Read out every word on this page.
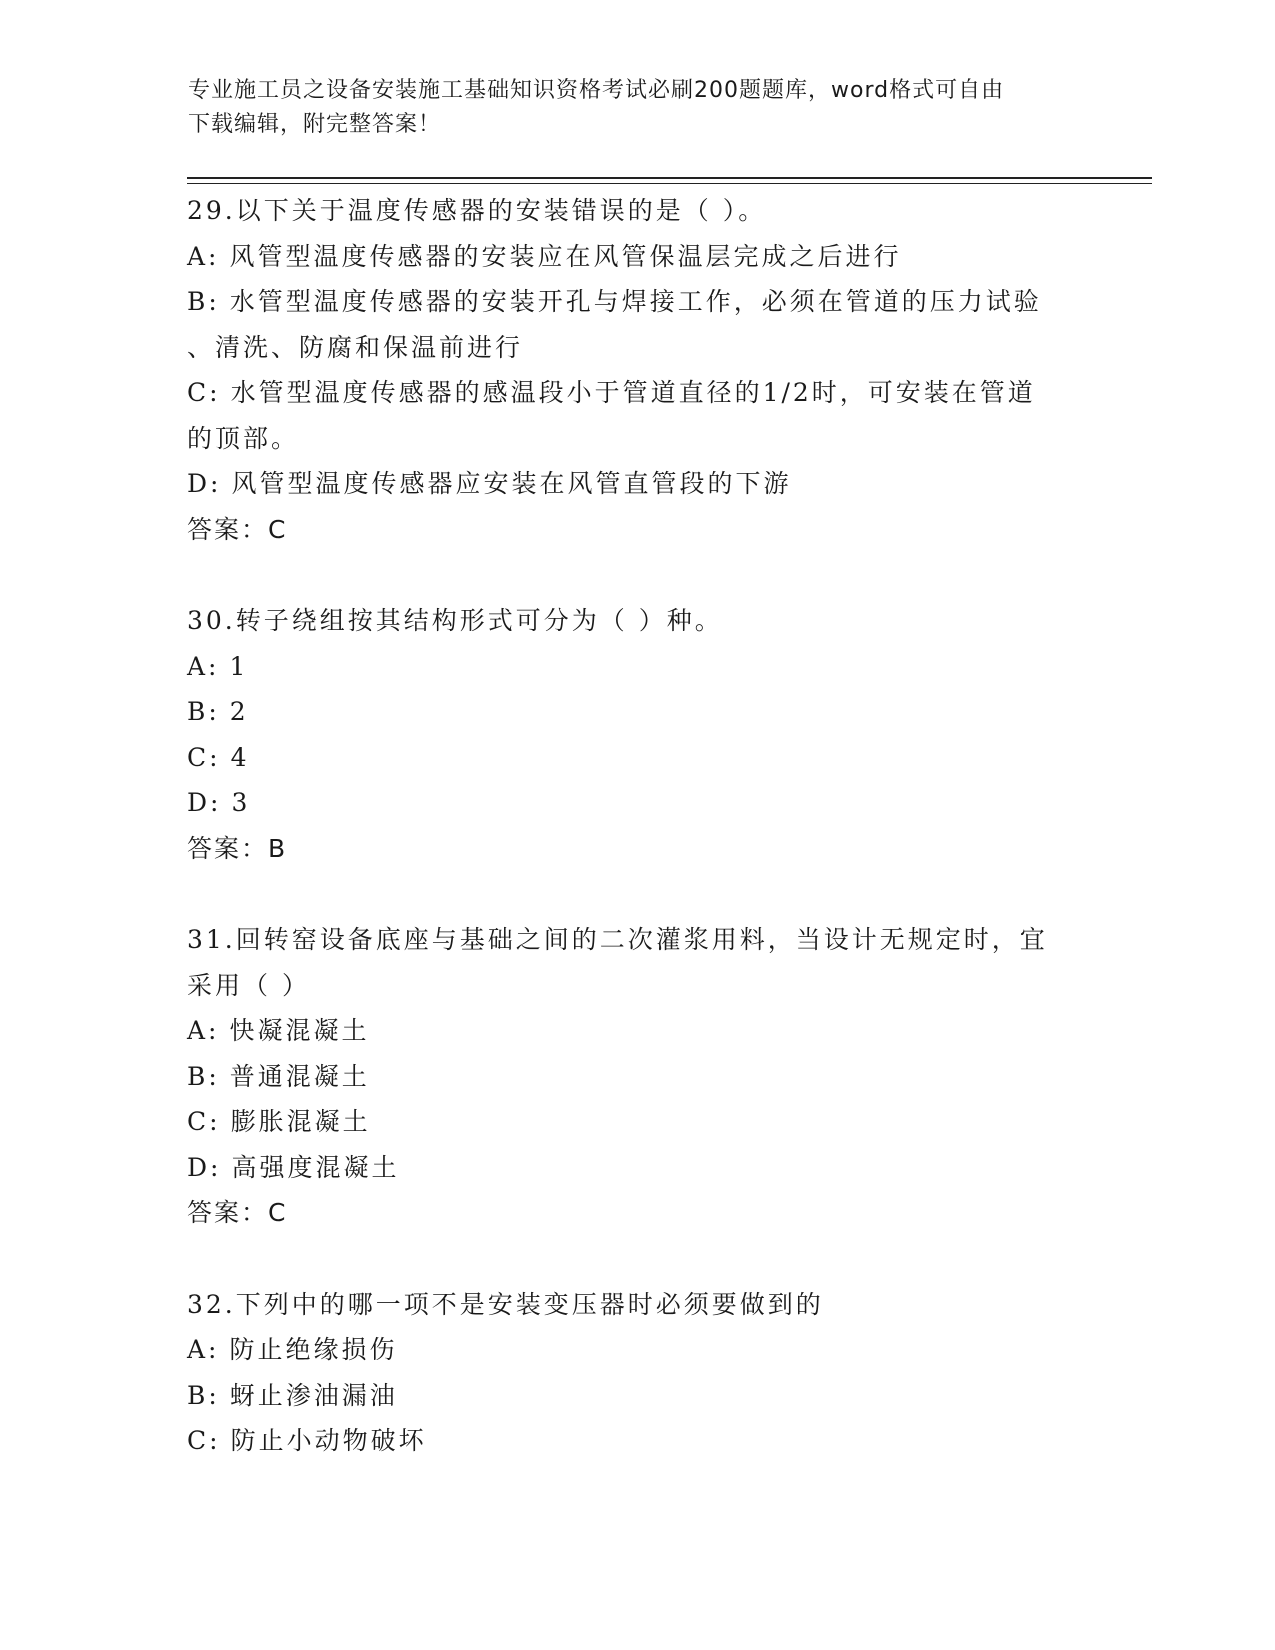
专业施工员之设备安装施工基础知识资格考试必刷200题题库，word格式可自由
下载编辑，附完整答案！
29.以下关于温度传感器的安装错误的是（ ）。
A: 风管型温度传感器的安装应在风管保温层完成之后进行
B: 水管型温度传感器的安装开孔与焊接工作，必须在管道的压力试验
、清洗、防腐和保温前进行
C: 水管型温度传感器的感温段小于管道直径的1/2时，可安装在管道
的顶部。
D: 风管型温度传感器应安装在风管直管段的下游
答案：C
30.转子绕组按其结构形式可分为（ ）种。
A: 1
B: 2
C: 4
D: 3
答案：B
31.回转窑设备底座与基础之间的二次灌浆用料，当设计无规定时，宜
采用（ ）
A: 快凝混凝土
B: 普通混凝土
C: 膨胀混凝土
D: 高强度混凝土
答案：C
32.下列中的哪一项不是安装变压器时必须要做到的
A: 防止绝缘损伤
B: 蚜止渗油漏油
C: 防止小动物破坏
